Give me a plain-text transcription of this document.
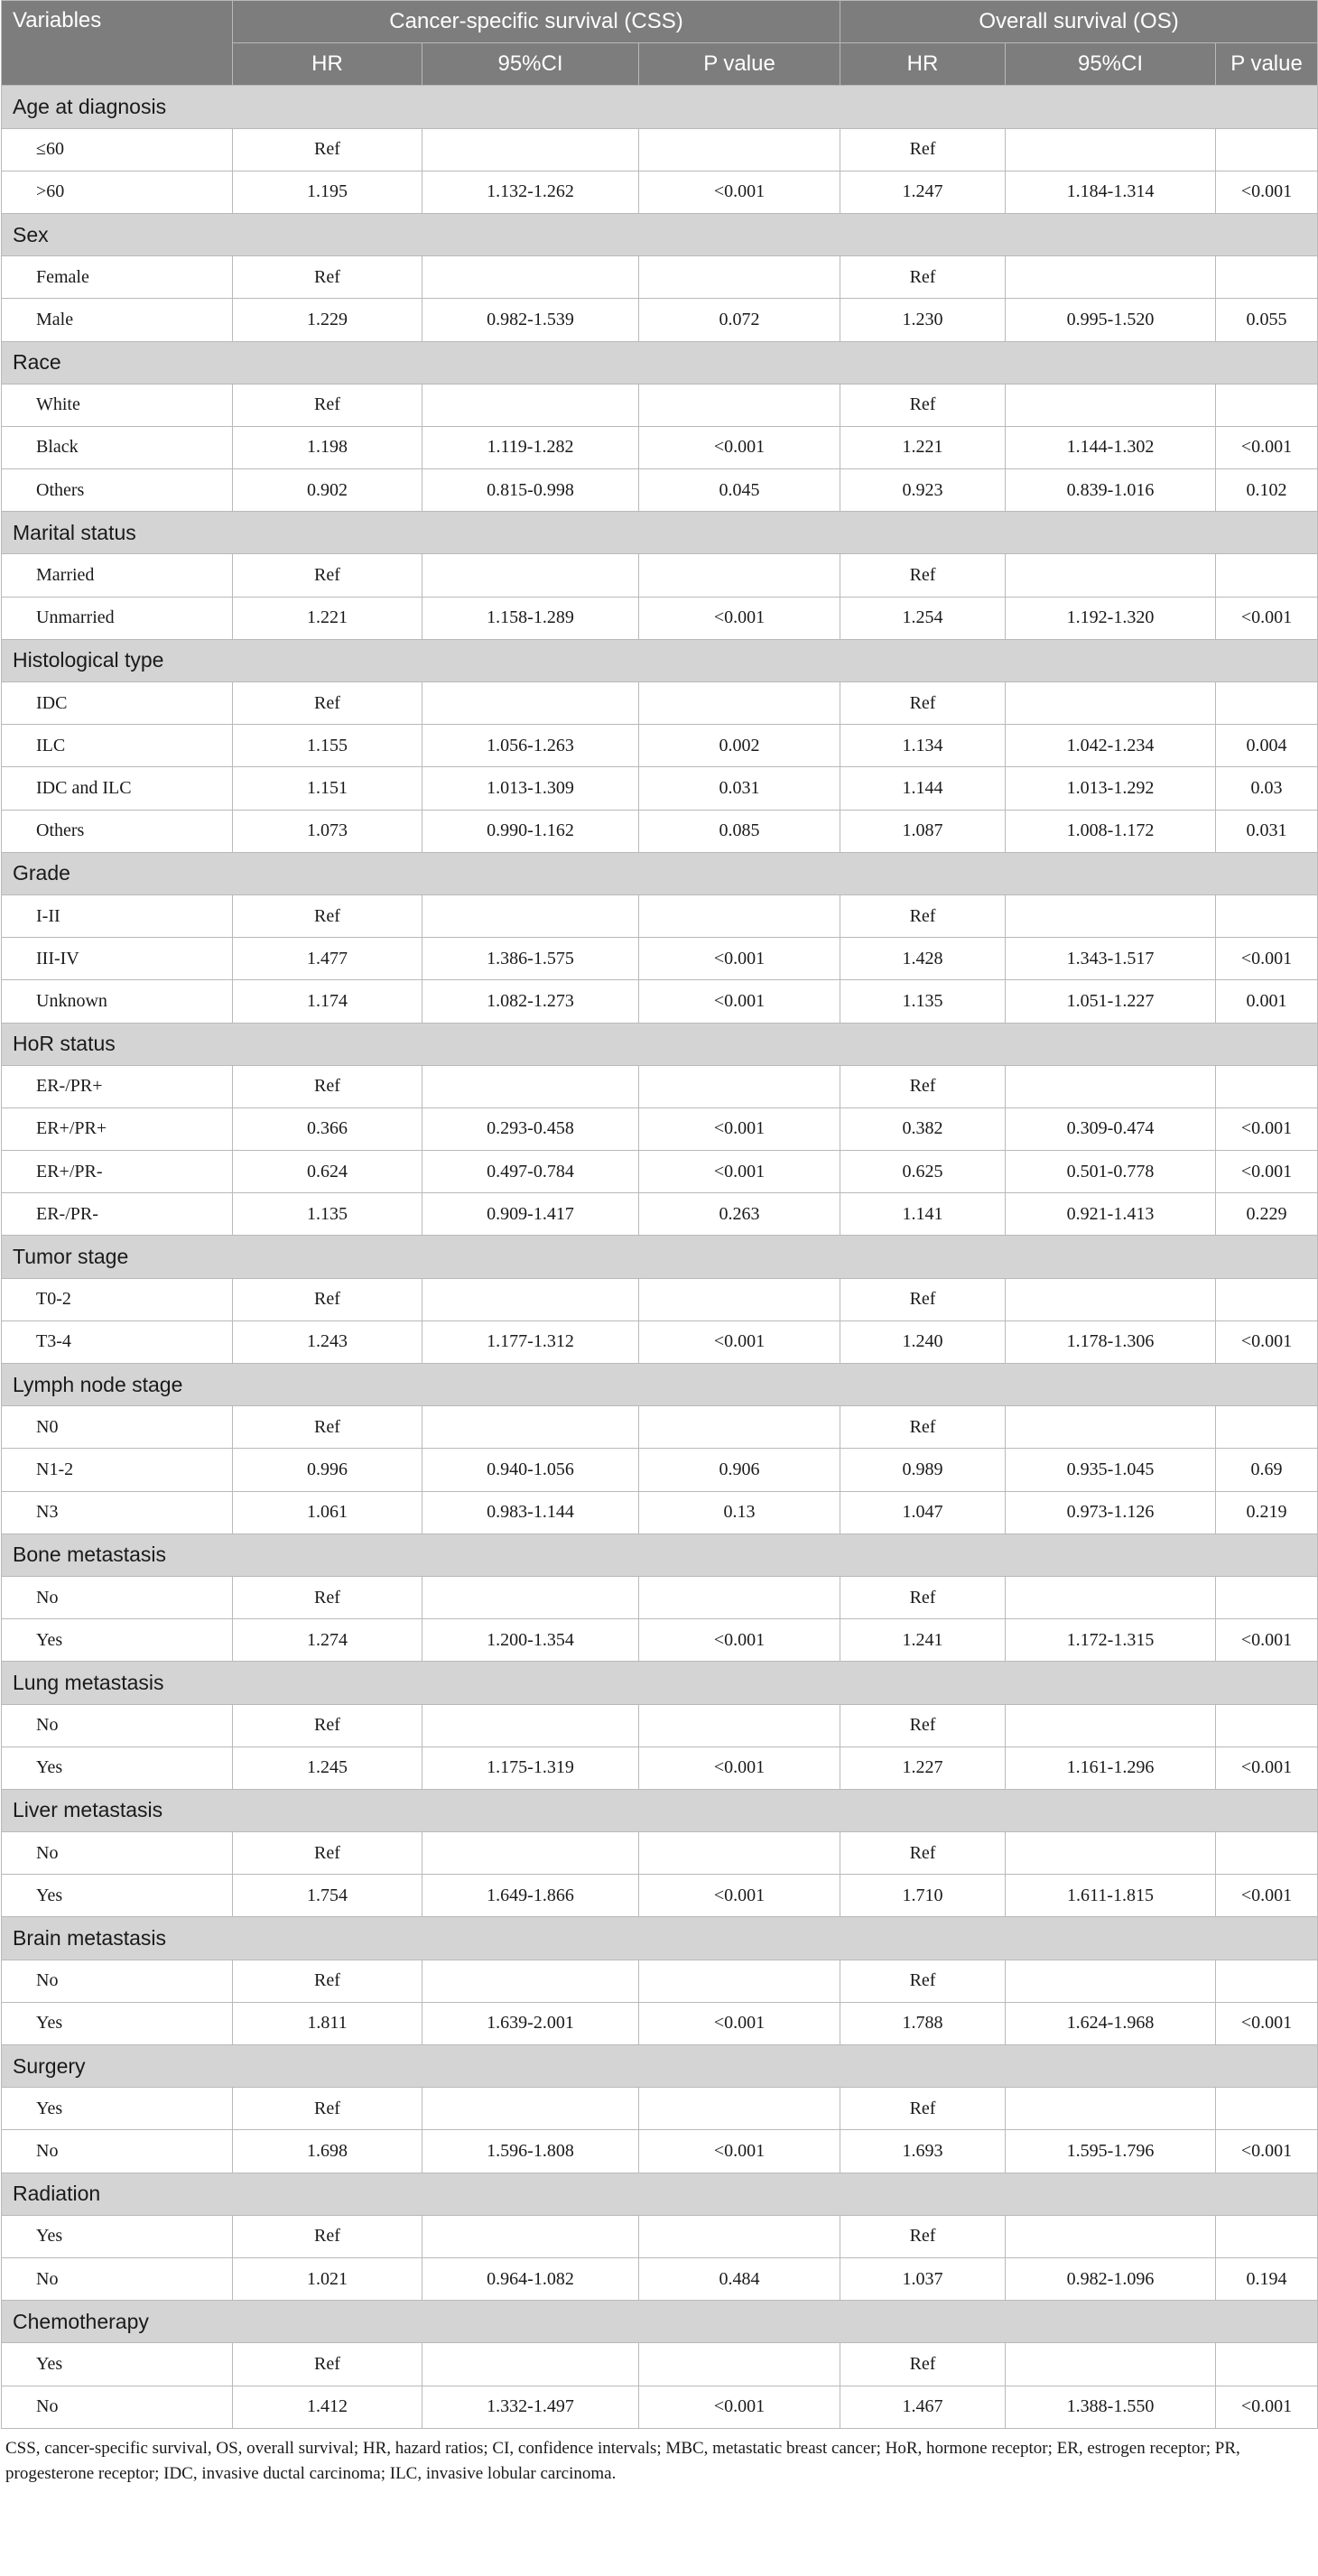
Variables	Cancer-specific survival (CSS)			Overall survival (OS)		
	HR	95%CI	P value	HR	95%CI	P value
Age at diagnosis						
≤60	Ref			Ref		
>60	1.195	1.132-1.262	<0.001	1.247	1.184-1.314	<0.001
Sex						
Female	Ref			Ref		
Male	1.229	0.982-1.539	0.072	1.230	0.995-1.520	0.055
Race						
White	Ref			Ref		
Black	1.198	1.119-1.282	<0.001	1.221	1.144-1.302	<0.001
Others	0.902	0.815-0.998	0.045	0.923	0.839-1.016	0.102
Marital status						
Married	Ref			Ref		
Unmarried	1.221	1.158-1.289	<0.001	1.254	1.192-1.320	<0.001
Histological type						
IDC	Ref			Ref		
ILC	1.155	1.056-1.263	0.002	1.134	1.042-1.234	0.004
IDC and ILC	1.151	1.013-1.309	0.031	1.144	1.013-1.292	0.03
Others	1.073	0.990-1.162	0.085	1.087	1.008-1.172	0.031
Grade						
I-II	Ref			Ref		
III-IV	1.477	1.386-1.575	<0.001	1.428	1.343-1.517	<0.001
Unknown	1.174	1.082-1.273	<0.001	1.135	1.051-1.227	0.001
HoR status						
ER-/PR+	Ref			Ref		
ER+/PR+	0.366	0.293-0.458	<0.001	0.382	0.309-0.474	<0.001
ER+/PR-	0.624	0.497-0.784	<0.001	0.625	0.501-0.778	<0.001
ER-/PR-	1.135	0.909-1.417	0.263	1.141	0.921-1.413	0.229
Tumor stage						
T0-2	Ref			Ref		
T3-4	1.243	1.177-1.312	<0.001	1.240	1.178-1.306	<0.001
Lymph node stage						
N0	Ref			Ref		
N1-2	0.996	0.940-1.056	0.906	0.989	0.935-1.045	0.69
N3	1.061	0.983-1.144	0.13	1.047	0.973-1.126	0.219
Bone metastasis						
No	Ref			Ref		
Yes	1.274	1.200-1.354	<0.001	1.241	1.172-1.315	<0.001
Lung metastasis						
No	Ref			Ref		
Yes	1.245	1.175-1.319	<0.001	1.227	1.161-1.296	<0.001
Liver metastasis						
No	Ref			Ref		
Yes	1.754	1.649-1.866	<0.001	1.710	1.611-1.815	<0.001
Brain metastasis						
No	Ref			Ref		
Yes	1.811	1.639-2.001	<0.001	1.788	1.624-1.968	<0.001
Surgery						
Yes	Ref			Ref		
No	1.698	1.596-1.808	<0.001	1.693	1.595-1.796	<0.001
Radiation						
Yes	Ref			Ref		
No	1.021	0.964-1.082	0.484	1.037	0.982-1.096	0.194
Chemotherapy						
Yes	Ref			Ref		
No	1.412	1.332-1.497	<0.001	1.467	1.388-1.550	<0.001
CSS, cancer-specific survival, OS, overall survival; HR, hazard ratios; CI, confidence intervals; MBC, metastatic breast cancer; HoR, hormone receptor; ER, estrogen receptor; PR, progesterone receptor; IDC, invasive ductal carcinoma; ILC, invasive lobular carcinoma.
